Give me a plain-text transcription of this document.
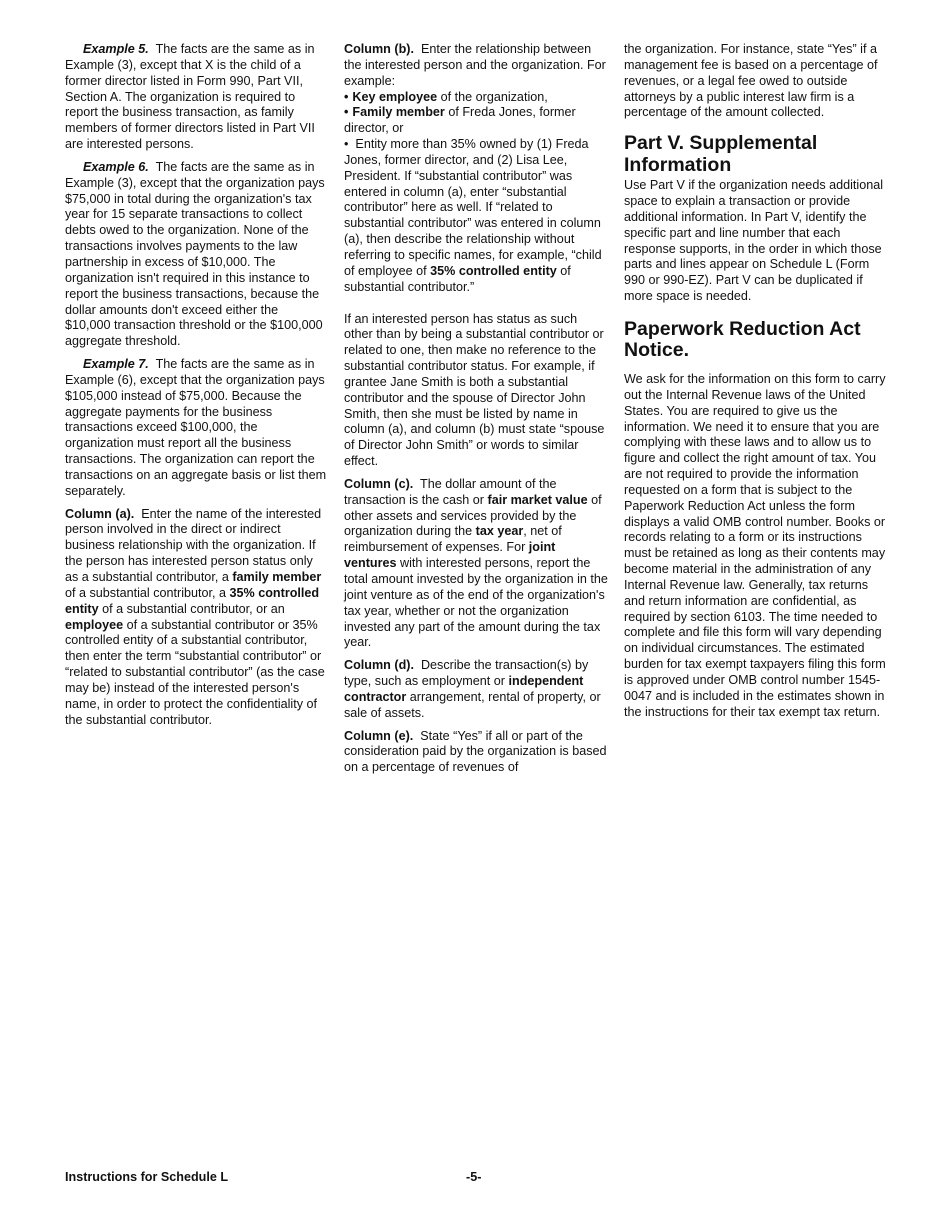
Example 5. The facts are the same as in Example (3), except that X is the child of a former director listed in Form 990, Part VII, Section A. The organization is required to report the business transaction, as family members of former directors listed in Part VII are interested persons.

Example 6. The facts are the same as in Example (3), except that the organization pays $75,000 in total during the organization's tax year for 15 separate transactions to collect debts owed to the organization. None of the transactions involves payments to the law partnership in excess of $10,000. The organization isn't required in this instance to report the business transactions, because the dollar amounts don't exceed either the $10,000 transaction threshold or the $100,000 aggregate threshold.

Example 7. The facts are the same as in Example (6), except that the organization pays $105,000 instead of $75,000. Because the aggregate payments for the business transactions exceed $100,000, the organization must report all the business transactions. The organization can report the transactions on an aggregate basis or list them separately.

Column (a). Enter the name of the interested person involved in the direct or indirect business relationship with the organization. If the person has interested person status only as a substantial contributor, a family member of a substantial contributor, a 35% controlled entity of a substantial contributor, or an employee of a substantial contributor or 35% controlled entity of a substantial contributor, then enter the term “substantial contributor” or “related to substantial contributor” (as the case may be) instead of the interested person's name, in order to protect the confidentiality of the substantial contributor.

Column (b). Enter the relationship between the interested person and the organization. For example:

• Key employee of the organization,
• Family member of Freda Jones, former director, or

•  Entity more than 35% owned by (1) Freda Jones, former director, and (2) Lisa Lee, President. If “substantial contributor” was entered in column (a), enter “substantial contributor” here as well. If “related to substantial contributor” was entered in column (a), then describe the relationship without referring to specific names, for example, “child of employee of 35% controlled entity of substantial contributor.”

If an interested person has status as such other than by being a substantial contributor or related to one, then make no reference to the substantial contributor status. For example, if grantee Jane Smith is both a substantial contributor and the spouse of Director John Smith, then she must be listed by name in column (a), and column (b) must state “spouse of Director John Smith” or words to similar effect.

Column (c). The dollar amount of the transaction is the cash or fair market value of other assets and services provided by the organization during the tax year, net of reimbursement of expenses. For joint ventures with interested persons, report the total amount invested by the organization in the joint venture as of the end of the organization's tax year, whether or not the organization invested any part of the amount during the tax year.

Column (d). Describe the transaction(s) by type, such as employment or independent contractor arrangement, rental of property, or sale of assets.

Column (e). State “Yes” if all or part of the consideration paid by the organization is based on a percentage of revenues of

the organization. For instance, state “Yes” if a management fee is based on a percentage of revenues, or a legal fee owed to outside attorneys by a public interest law firm is a percentage of the amount collected.

Part V. Supplemental Information

Use Part V if the organization needs additional space to explain a transaction or provide additional information. In Part V, identify the specific part and line number that each response supports, in the order in which those parts and lines appear on Schedule L (Form 990 or 990-EZ). Part V can be duplicated if more space is needed.

Paperwork Reduction Act Notice.

We ask for the information on this form to carry out the Internal Revenue laws of the United States. You are required to give us the information. We need it to ensure that you are complying with these laws and to allow us to figure and collect the right amount of tax. You are not required to provide the information requested on a form that is subject to the Paperwork Reduction Act unless the form displays a valid OMB control number. Books or records relating to a form or its instructions must be retained as long as their contents may become material in the administration of any Internal Revenue law. Generally, tax returns and return information are confidential, as required by section 6103. The time needed to complete and file this form will vary depending on individual circumstances. The estimated burden for tax exempt taxpayers filing this form is approved under OMB control number 1545-0047 and is included in the estimates shown in the instructions for their tax exempt tax return.

Instructions for Schedule L	-5-
